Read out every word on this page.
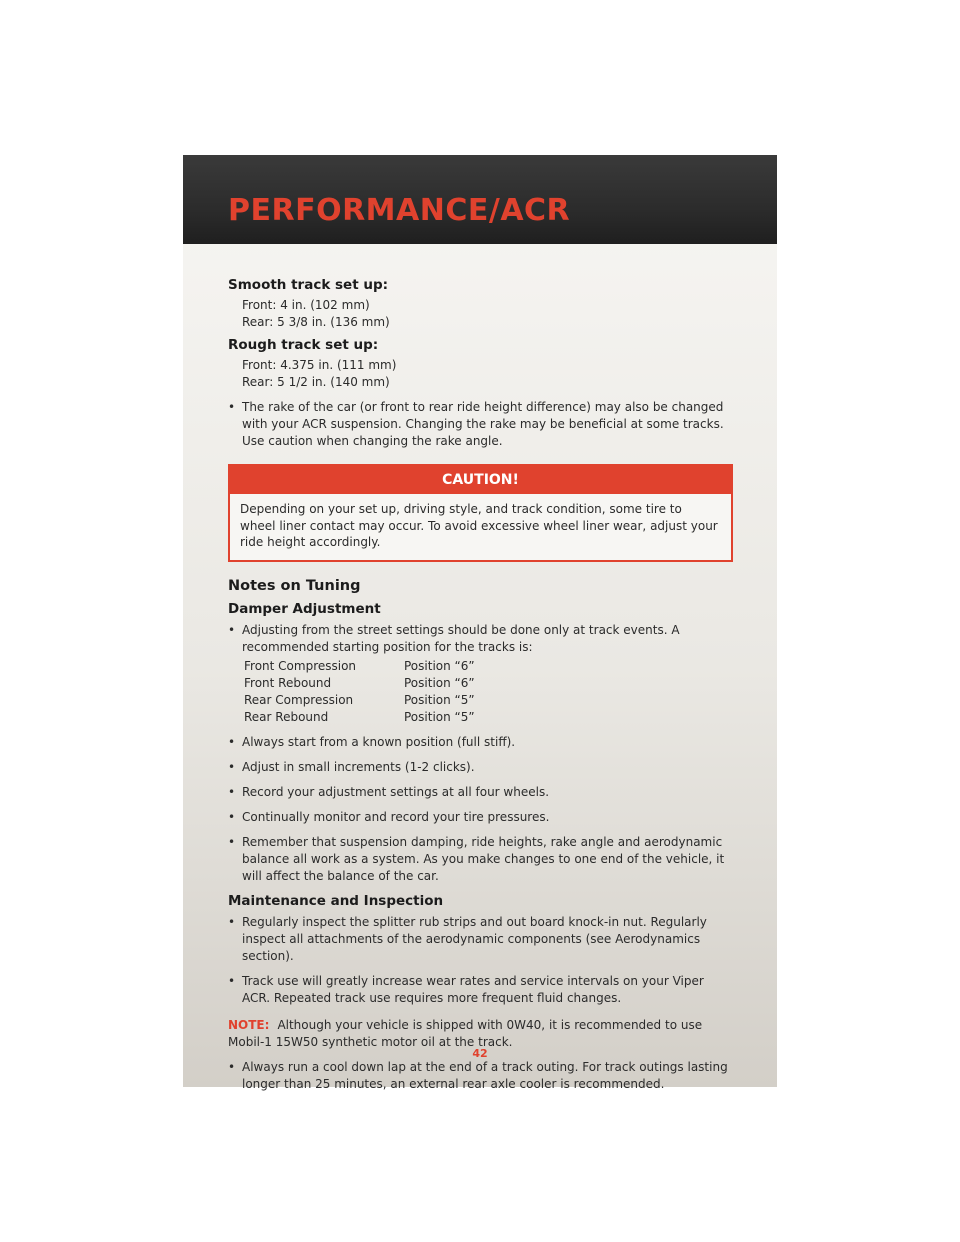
PERFORMANCE/ACR
Smooth track set up:
Front: 4 in. (102 mm)
Rear: 5 3/8 in. (136 mm)
Rough track set up:
Front: 4.375 in. (111 mm)
Rear: 5 1/2 in. (140 mm)
• The rake of the car (or front to rear ride height difference) may also be changed with your ACR suspension. Changing the rake may be beneficial at some tracks. Use caution when changing the rake angle.
CAUTION!
Depending on your set up, driving style, and track condition, some tire to wheel liner contact may occur. To avoid excessive wheel liner wear, adjust your ride height accordingly.
Notes on Tuning
Damper Adjustment
• Adjusting from the street settings should be done only at track events. A recommended starting position for the tracks is:
Front Compression	Position “6”
Front Rebound	Position “6”
Rear Compression	Position “5”
Rear Rebound	Position “5”
• Always start from a known position (full stiff).
• Adjust in small increments (1-2 clicks).
• Record your adjustment settings at all four wheels.
• Continually monitor and record your tire pressures.
• Remember that suspension damping, ride heights, rake angle and aerodynamic balance all work as a system. As you make changes to one end of the vehicle, it will affect the balance of the car.
Maintenance and Inspection
• Regularly inspect the splitter rub strips and out board knock-in nut. Regularly inspect all attachments of the aerodynamic components (see Aerodynamics section).
• Track use will greatly increase wear rates and service intervals on your Viper ACR. Repeated track use requires more frequent fluid changes.
NOTE: Although your vehicle is shipped with 0W40, it is recommended to use Mobil-1 15W50 synthetic motor oil at the track.
• Always run a cool down lap at the end of a track outing. For track outings lasting longer than 25 minutes, an external rear axle cooler is recommended.
42
